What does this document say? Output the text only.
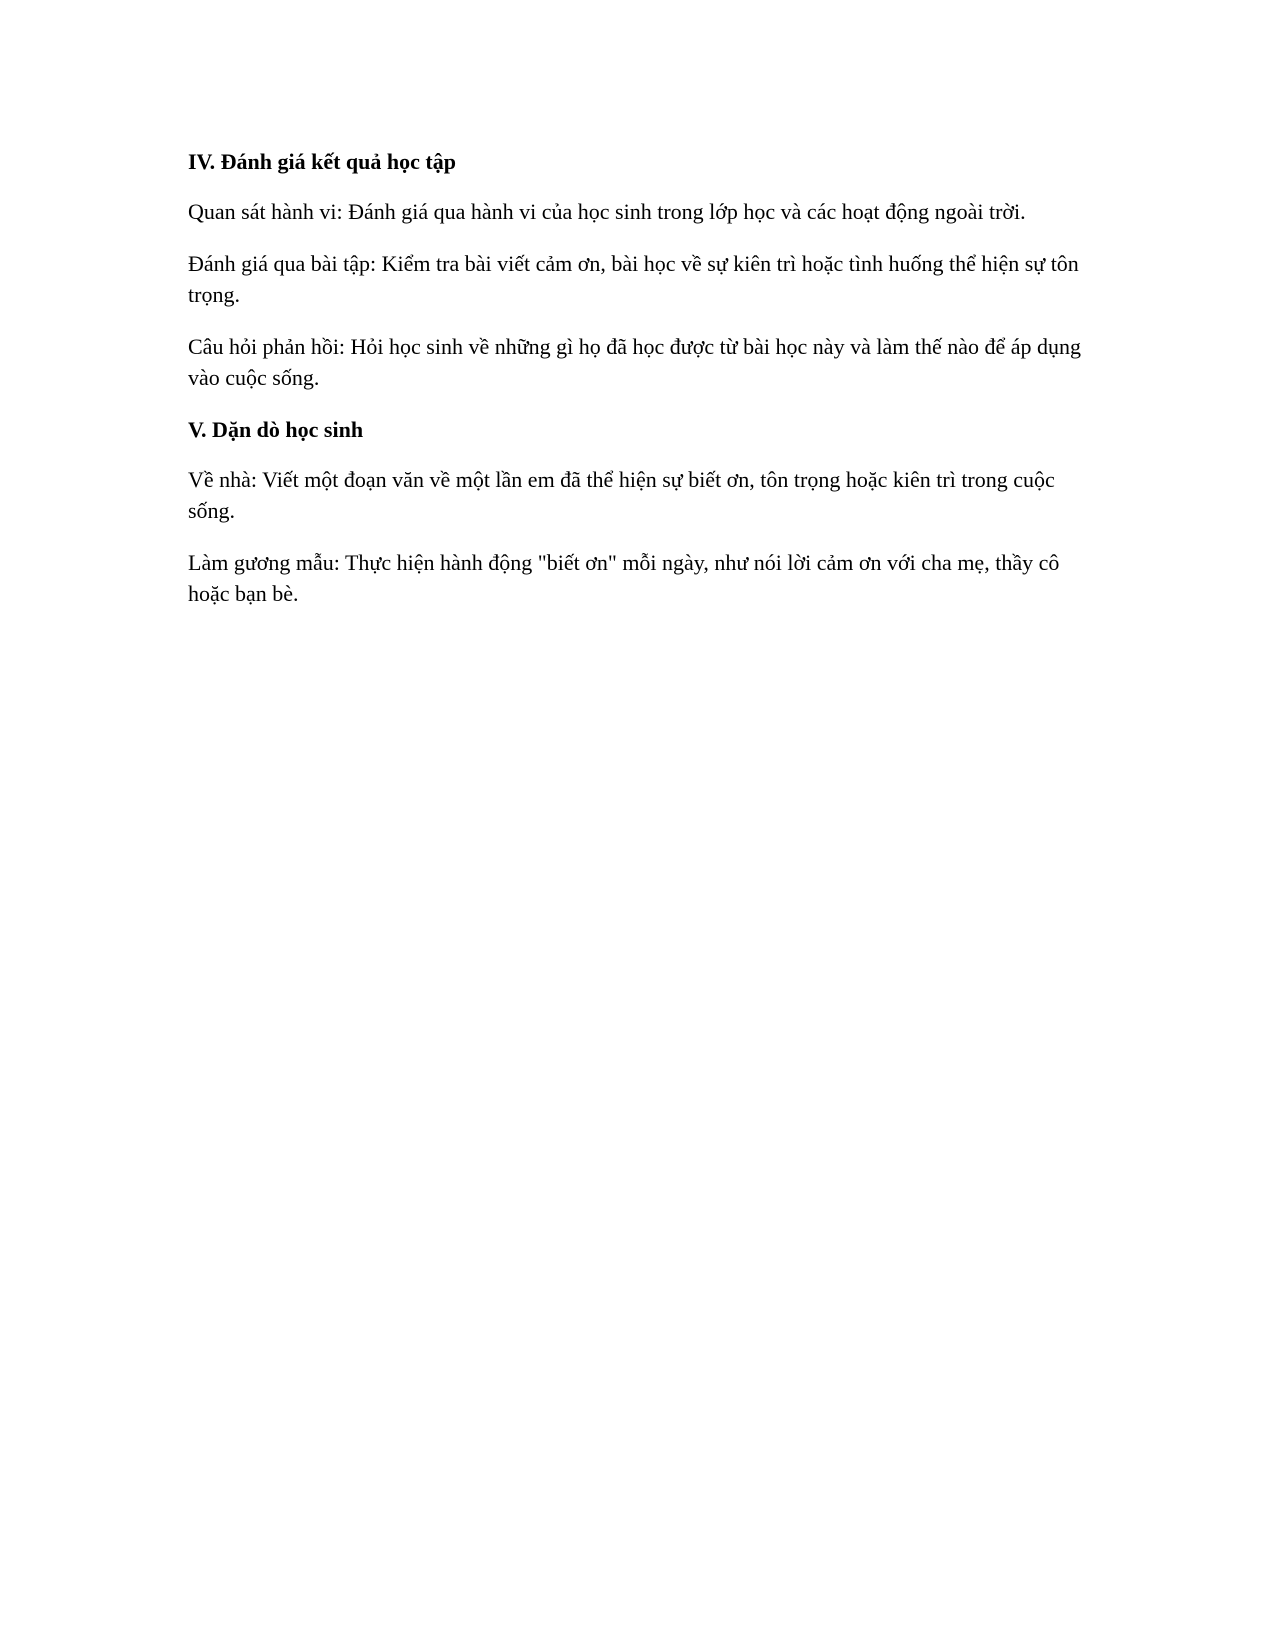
IV. Đánh giá kết quả học tập
Quan sát hành vi: Đánh giá qua hành vi của học sinh trong lớp học và các hoạt động ngoài trời.
Đánh giá qua bài tập: Kiểm tra bài viết cảm ơn, bài học về sự kiên trì hoặc tình huống thể hiện sự tôn trọng.
Câu hỏi phản hồi: Hỏi học sinh về những gì họ đã học được từ bài học này và làm thế nào để áp dụng vào cuộc sống.
V. Dặn dò học sinh
Về nhà: Viết một đoạn văn về một lần em đã thể hiện sự biết ơn, tôn trọng hoặc kiên trì trong cuộc sống.
Làm gương mẫu: Thực hiện hành động "biết ơn" mỗi ngày, như nói lời cảm ơn với cha mẹ, thầy cô hoặc bạn bè.
